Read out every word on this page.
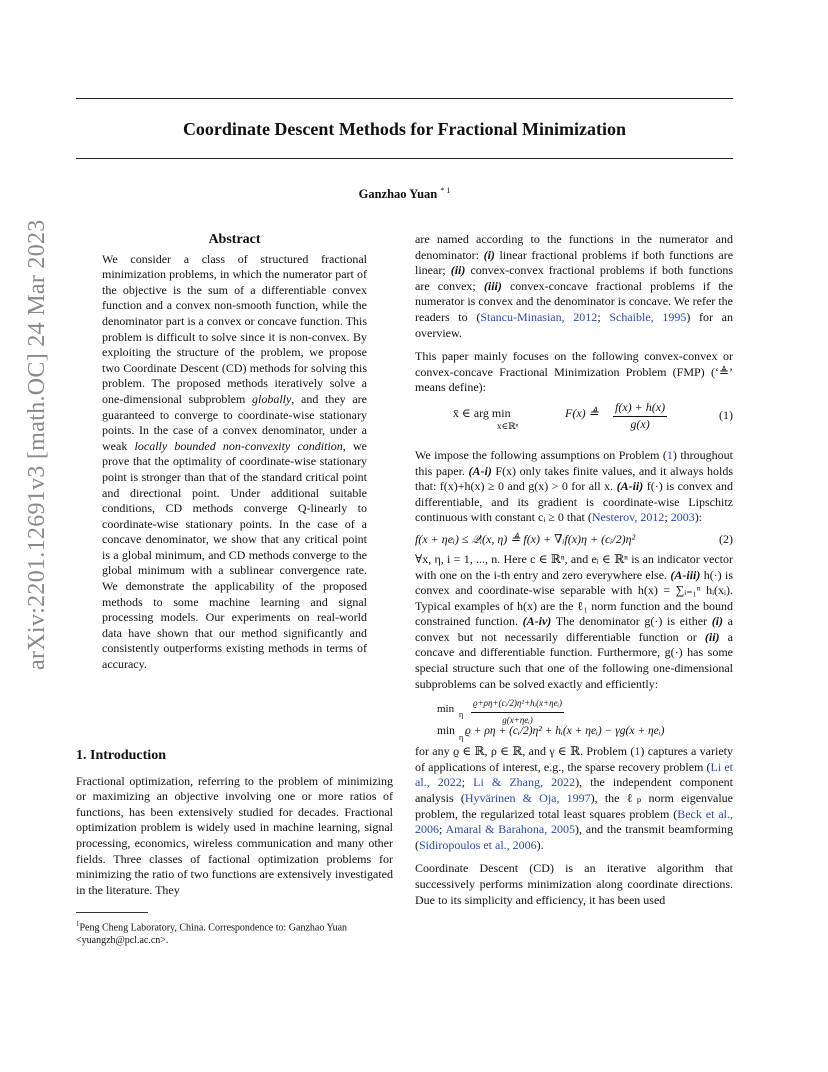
Coordinate Descent Methods for Fractional Minimization
Ganzhao Yuan $^{* 1}$
arXiv:2201.12691v3 [math.OC] 24 Mar 2023	Abstract

We consider a class of structured fractional minimization problems, in which the numerator part of the objective is the sum of a differentiable convex function and a convex non-smooth function, while the denominator part is a convex or concave function. This problem is difficult to solve since it is non-convex. By exploiting the structure of the problem, we propose two Coordinate Descent (CD) methods for solving this problem. The proposed methods iteratively solve a one-dimensional subproblem globally, and they are guaranteed to converge to coordinate-wise stationary points. In the case of a convex denominator, under a weak locally bounded non-convexity condition, we prove that the optimality of coordinate-wise stationary point is stronger than that of the standard critical point and directional point. Under additional suitable conditions, CD methods converge Q-linearly to coordinate-wise stationary points. In the case of a concave denominator, we show that any critical point is a global minimum, and CD methods converge to the global minimum with a sublinear convergence rate. We demonstrate the applicability of the proposed methods to some machine learning and signal processing models. Our experiments on real-world data have shown that our method significantly and consistently outperforms existing methods in terms of accuracy.

1. Introduction

Fractional optimization, referring to the problem of minimizing or maximizing an objective involving one or more ratios of functions, has been extensively studied for decades. Fractional optimization problem is widely used in machine learning, signal processing, economics, wireless communication and many other fields. Three classes of factional optimization problems for minimizing the ratio of two functions are extensively investigated in the literature. They

$^1$Peng Cheng Laboratory, China. Correspondence to: Ganzhao Yuan <yuangzh@pcl.ac.cn>.

are named according to the functions in the numerator and denominator: (i) linear fractional problems if both functions are linear; (ii) convex-convex fractional problems if both functions are convex; (iii) convex-concave fractional problems if the numerator is convex and the denominator is concave. We refer the readers to (Stancu-Minasian, 2012; Schaible, 1995) for an overview.

This paper mainly focuses on the following convex-convex or convex-concave Fractional Minimization Problem (FMP) (‘≜’ means define):

x̄ ∈ arg min
x∈ℝⁿ
F(x) ≜ $\frac{f(x) + h(x)}{g(x)}$	(1)

We impose the following assumptions on Problem (1) throughout this paper. (A-i) F(x) only takes finite values, and it always holds that: f(x)+h(x) ≥ 0 and g(x) > 0 for all x. (A-ii) f(·) is convex and differentiable, and its gradient is coordinate-wise Lipschitz continuous with constant cᵢ ≥ 0 that (Nesterov, 2012; 2003):

f(x + ηeᵢ) ≤ 𝒬ᵢ(x, η) ≜ f(x) + ∇ᵢf(x)η + (cᵢ/2)η²	(2)

∀x, η, i = 1, ..., n. Here c ∈ ℝⁿ, and eᵢ ∈ ℝⁿ is an indicator vector with one on the i-th entry and zero everywhere else. (A-iii) h(·) is convex and coordinate-wise separable with h(x) = ∑ᵢ₌₁ⁿ hᵢ(xᵢ). Typical examples of h(x) are the ℓ₁ norm function and the bound constrained function. (A-iv) The denominator g(·) is either (i) a convex but not necessarily differentiable function or (ii) a concave and differentiable function. Furthermore, g(·) has some special structure such that one of the following one-dimensional subproblems can be solved exactly and efficiently:

min η
ϱ+ρη+(cᵢ/2)η²+hᵢ(x+ηeᵢ)
g(x+ηeᵢ)
min
η
ϱ + ρη + (cᵢ/2)η² + hᵢ(x + ηeᵢ) − γg(x + ηeᵢ)

for any ϱ ∈ ℝ, ρ ∈ ℝ, and γ ∈ ℝ. Problem (1) captures a variety of applications of interest, e.g., the sparse recovery problem (Li et al., 2022; Li & Zhang, 2022), the independent component analysis (Hyvärinen & Oja, 1997), the ℓₚ norm eigenvalue problem, the regularized total least squares problem (Beck et al., 2006; Amaral & Barahona, 2005), and the transmit beamforming (Sidiropoulos et al., 2006).

Coordinate Descent (CD) is an iterative algorithm that successively performs minimization along coordinate directions. Due to its simplicity and efficiency, it has been used
